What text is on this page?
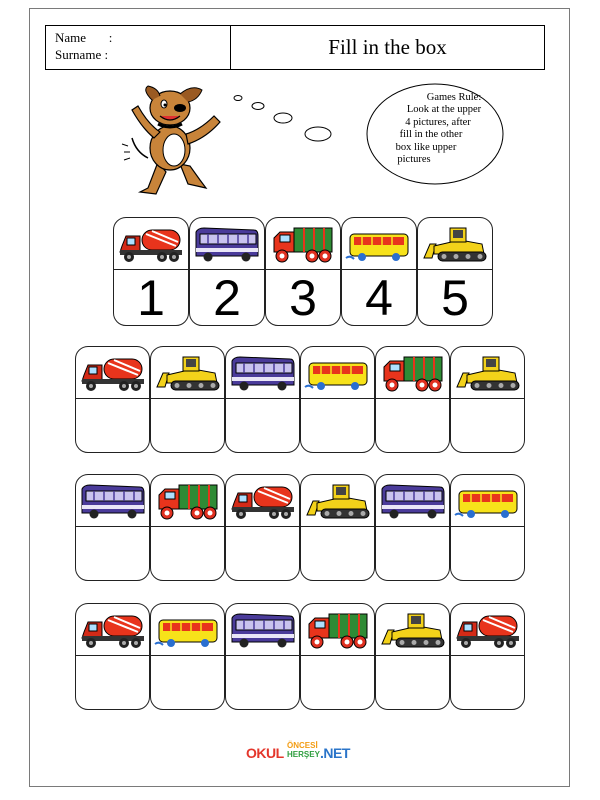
Name       :
Surname :	Fill in the box
Games Rule:
Look at the upper
4 pictures, after
fill in the other
box like upper
pictures
1 2 3 4 5
OKUL ÖNCESİ
HERŞEY .NET
